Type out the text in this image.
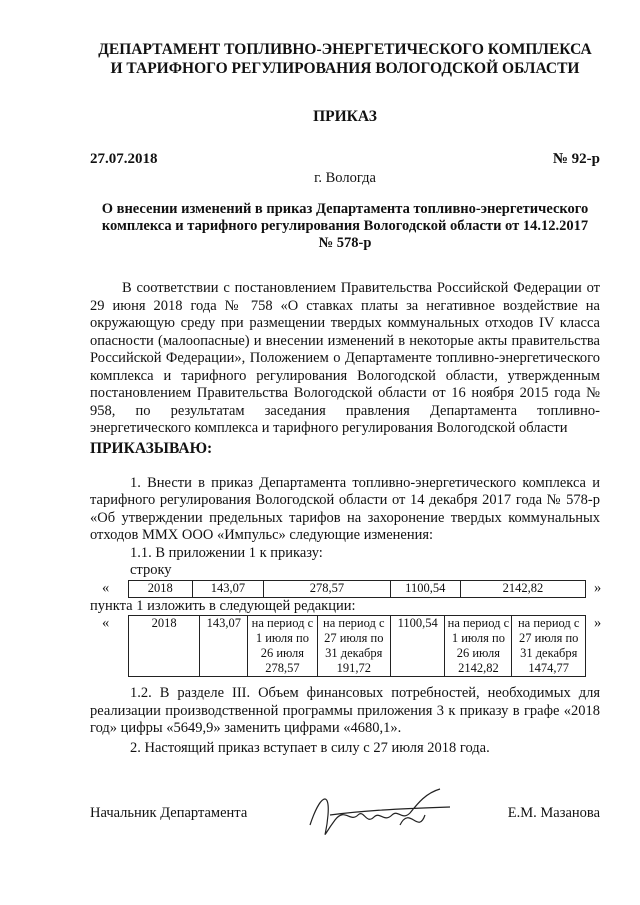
ДЕПАРТАМЕНТ ТОПЛИВНО-ЭНЕРГЕТИЧЕСКОГО КОМПЛЕКСА
И ТАРИФНОГО РЕГУЛИРОВАНИЯ ВОЛОГОДСКОЙ ОБЛАСТИ
ПРИКАЗ
27.07.2018	№ 92-р
г. Вологда
О внесении изменений в приказ Департамента топливно-энергетического комплекса и тарифного регулирования Вологодской области от 14.12.2017 № 578-р

В соответствии с постановлением Правительства Российской Федерации от 29 июня 2018 года № 758 «О ставках платы за негативное воздействие на окружающую среду при размещении твердых коммунальных отходов IV класса опасности (малоопасные) и внесении изменений в некоторые акты правительства Российской Федерации», Положением о Департаменте топливно-энергетического комплекса и тарифного регулирования Вологодской области, утвержденным постановлением Правительства Вологодской области от 16 ноября 2015 года № 958, по результатам заседания правления Департамента топливно-энергетического комплекса и тарифного регулирования Вологодской области

ПРИКАЗЫВАЮ:

1. Внести в приказ Департамента топливно-энергетического комплекса и тарифного регулирования Вологодской области от 14 декабря 2017 года № 578-р «Об утверждении предельных тарифов на захоронение твердых коммунальных отходов ММХ ООО «Импульс» следующие изменения:

1.1. В приложении 1 к приказу:
строку
«	2018	143,07	278,57	1100,54	2142,82	»
пункта 1 изложить в следующей редакции:
«	2018	143,07	на период с 1 июля по 26 июля 278,57	на период с 27 июля по 31 декабря 191,72	1100,54	на период с 1 июля по 26 июля 2142,82	на период с 27 июля по 31 декабря 1474,77
»

1.2. В разделе III. Объем финансовых потребностей, необходимых для реализации производственной программы приложения 3 к приказу в графе «2018 год» цифры «5649,9» заменить цифрами «4680,1».

2. Настоящий приказ вступает в силу с 27 июля 2018 года.

Начальник Департамента	Е.М. Мазанова
